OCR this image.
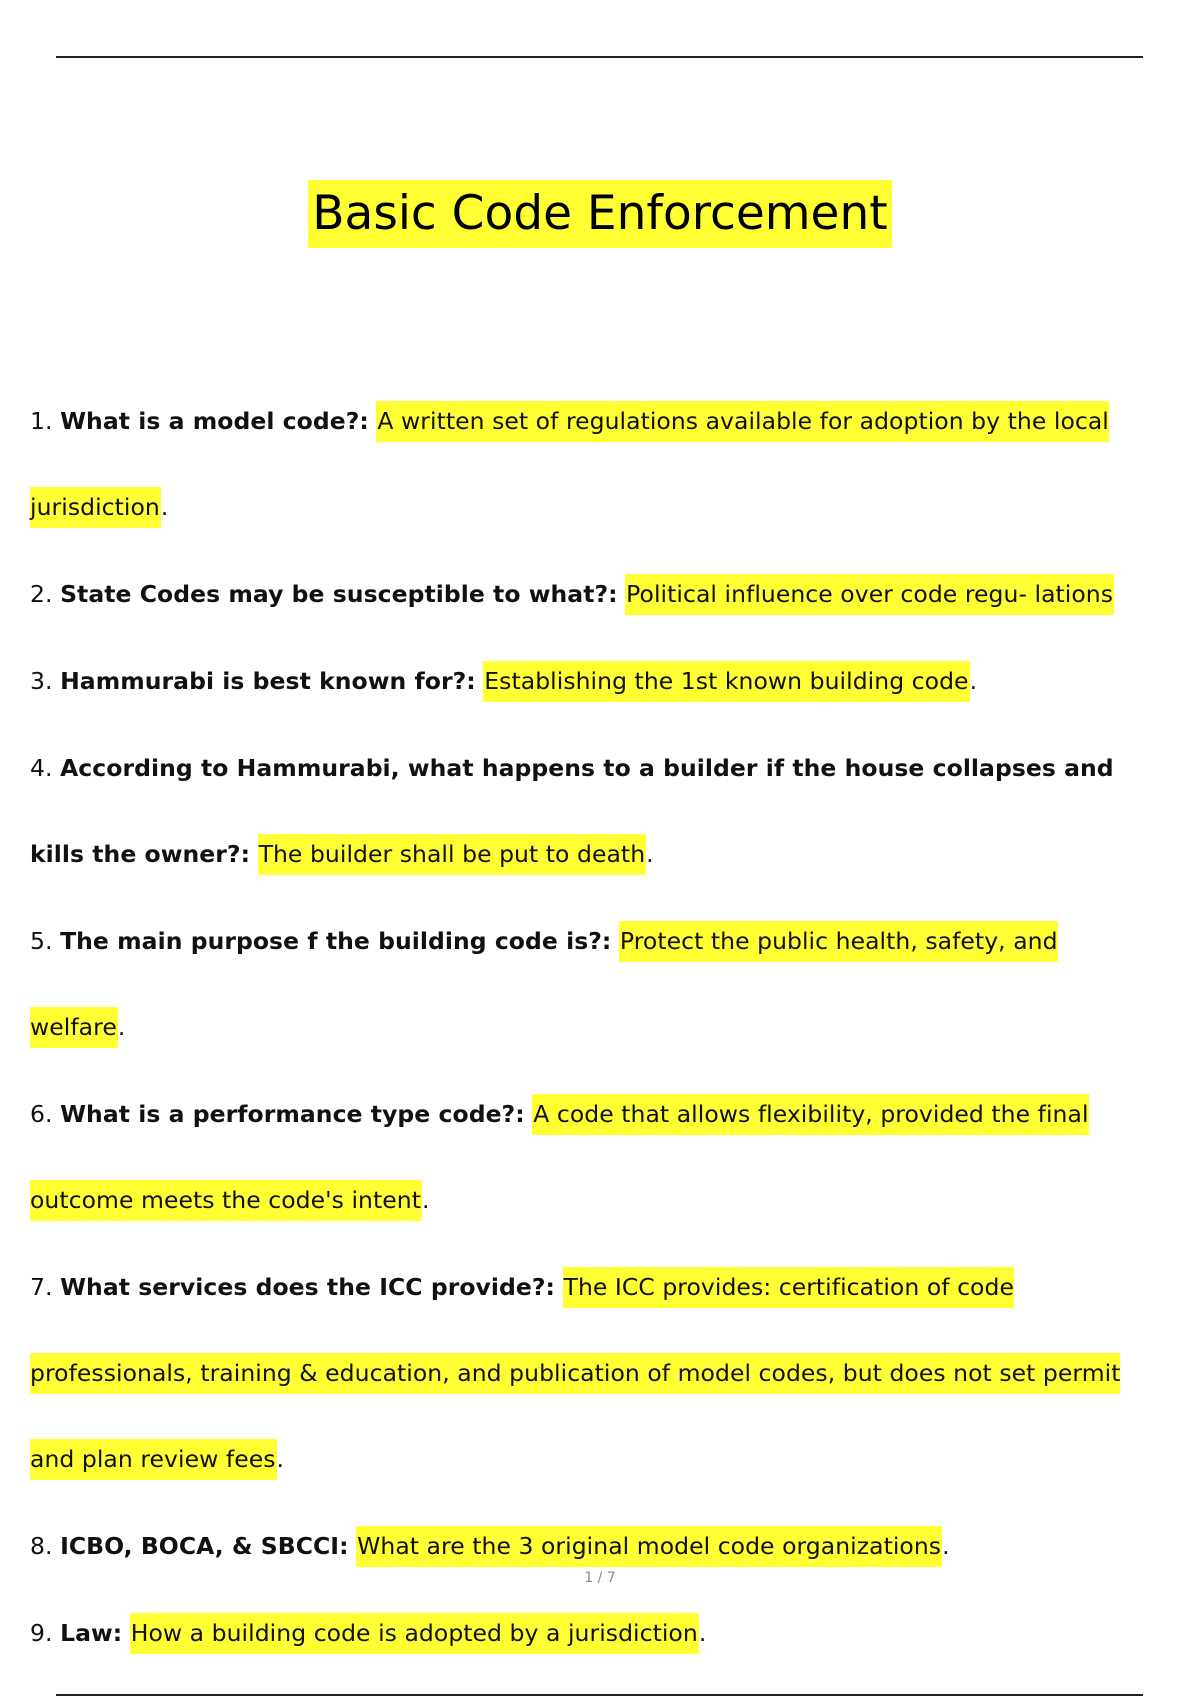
Basic Code Enforcement
1. What is a model code?: A written set of regulations available for adoption by the local jurisdiction.
2. State Codes may be susceptible to what?: Political influence over code regu- lations
3. Hammurabi is best known for?: Establishing the 1st known building code.
4. According to Hammurabi, what happens to a builder if the house collapses and kills the owner?: The builder shall be put to death.
5. The main purpose f the building code is?: Protect the public health, safety, and welfare.
6. What is a performance type code?: A code that allows flexibility, provided the final outcome meets the code's intent.
7. What services does the ICC provide?: The ICC provides: certification of code professionals, training & education, and publication of model codes, but does not set permit and plan review fees.
8. ICBO, BOCA, & SBCCI: What are the 3 original model code organizations.
9. Law: How a building code is adopted by a jurisdiction.
1 / 7
